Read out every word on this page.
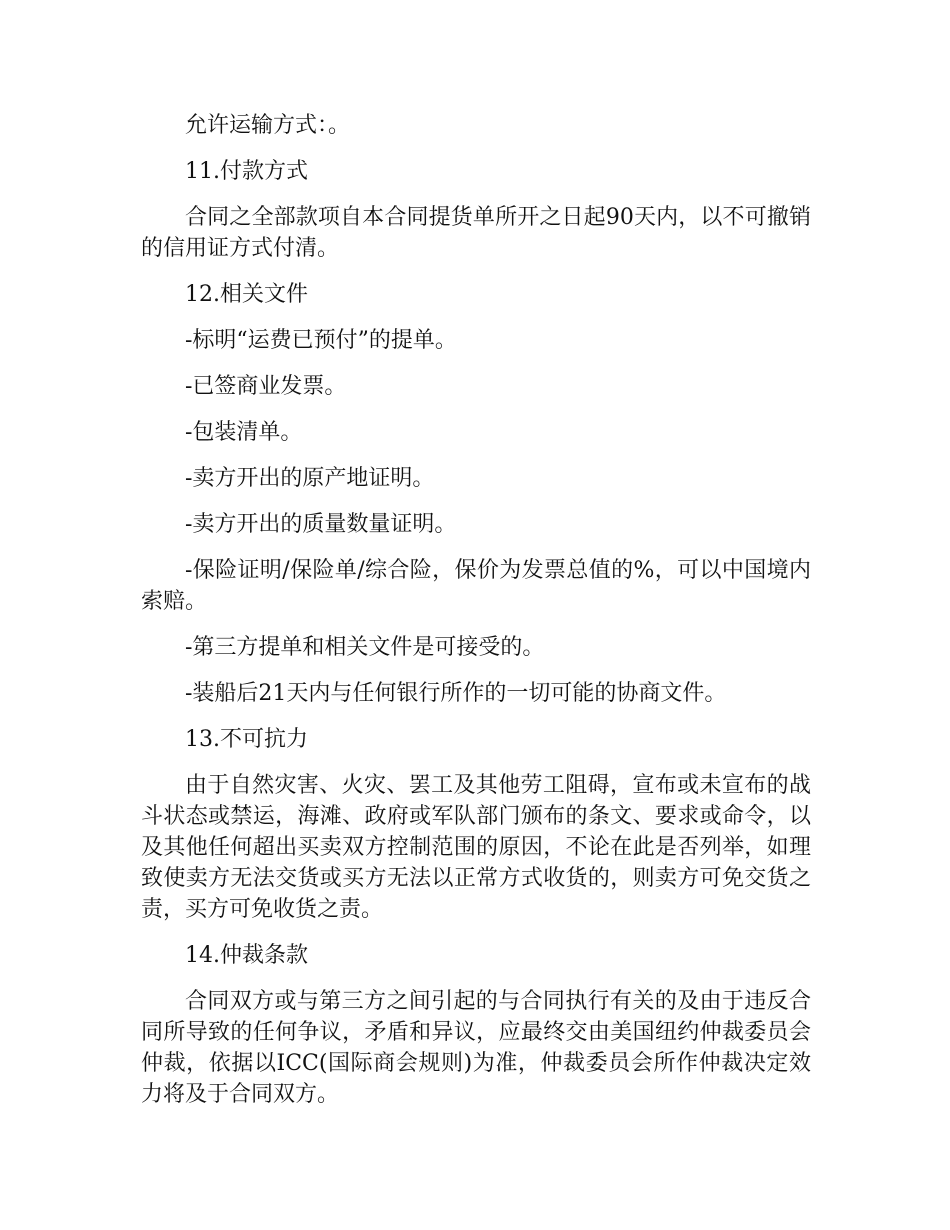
允许运输方式：。

11.付款方式

合同之全部款项自本合同提货单所开之日起90天内，以不可撤销的信用证方式付清。

12.相关文件

-标明“运费已预付”的提单。

-已签商业发票。

-包装清单。

-卖方开出的原产地证明。

-卖方开出的质量数量证明。

-保险证明/保险单/综合险，保价为发票总值的%，可以中国境内索赔。

-第三方提单和相关文件是可接受的。

-装船后21天内与任何银行所作的一切可能的协商文件。

13.不可抗力

由于自然灾害、火灾、罢工及其他劳工阻碍，宣布或未宣布的战斗状态或禁运，海滩、政府或军队部门颁布的条文、要求或命令，以及其他任何超出买卖双方控制范围的原因，不论在此是否列举，如理致使卖方无法交货或买方无法以正常方式收货的，则卖方可免交货之责，买方可免收货之责。

14.仲裁条款

合同双方或与第三方之间引起的与合同执行有关的及由于违反合同所导致的任何争议，矛盾和异议，应最终交由美国纽约仲裁委员会仲裁，依据以ICC(国际商会规则)为准，仲裁委员会所作仲裁决定效力将及于合同双方。
